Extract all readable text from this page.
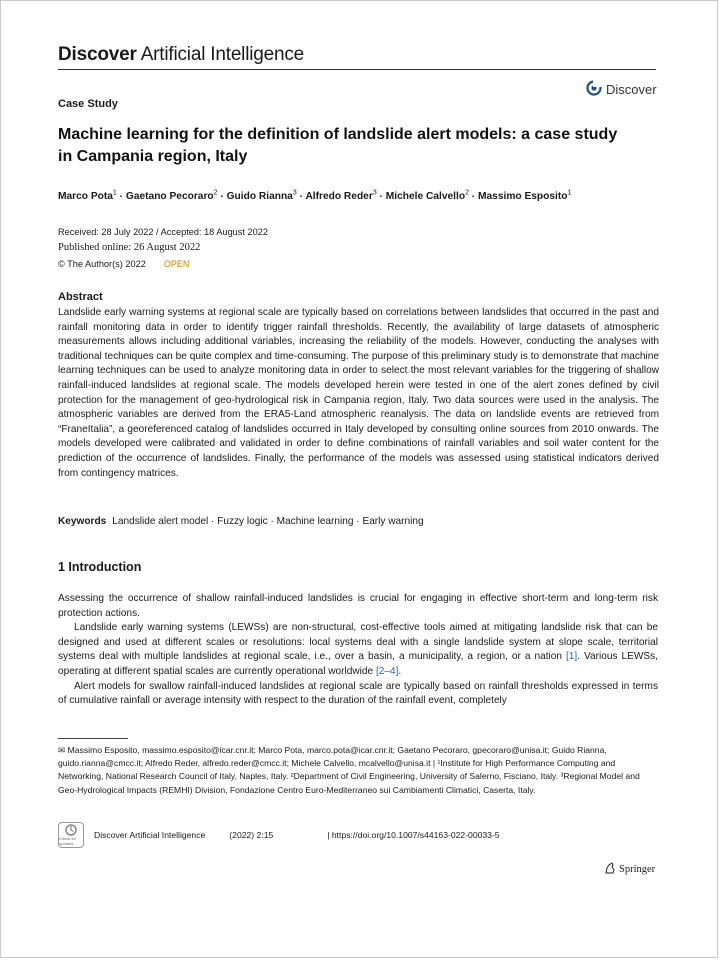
Discover Artificial Intelligence
Discover
Case Study
Machine learning for the definition of landslide alert models: a case study in Campania region, Italy
Marco Pota$^1$ · Gaetano Pecoraro$^2$ · Guido Rianna$^3$ · Alfredo Reder$^3$ · Michele Calvello$^2$ · Massimo Esposito$^1$
Received: 28 July 2022 / Accepted: 18 August 2022
Published online: 26 August 2022
© The Author(s) 2022 OPEN
Abstract
Landslide early warning systems at regional scale are typically based on correlations between landslides that occurred in the past and rainfall monitoring data in order to identify trigger rainfall thresholds. Recently, the availability of large datasets of atmospheric measurements allows including additional variables, increasing the reliability of the models. However, conducting the analyses with traditional techniques can be quite complex and time-consuming. The purpose of this preliminary study is to demonstrate that machine learning techniques can be used to analyze monitoring data in order to select the most relevant variables for the triggering of shallow rainfall-induced landslides at regional scale. The models developed herein were tested in one of the alert zones defined by civil protection for the management of geo-hydrological risk in Campania region, Italy. Two data sources were used in the analysis. The atmospheric variables are derived from the ERA5-Land atmospheric reanalysis. The data on landslide events are retrieved from “FraneItalia”, a georeferenced catalog of landslides occurred in Italy developed by consulting online sources from 2010 onwards. The models developed were calibrated and validated in order to define combinations of rainfall variables and soil water content for the prediction of the occurrence of landslides. Finally, the performance of the models was assessed using statistical indicators derived from contingency matrices.
Keywords Landslide alert model · Fuzzy logic · Machine learning · Early warning
1 Introduction

Assessing the occurrence of shallow rainfall-induced landslides is crucial for engaging in effective short-term and long-term risk protection actions.

Landslide early warning systems (LEWSs) are non-structural, cost-effective tools aimed at mitigating landslide risk that can be designed and used at different scales or resolutions: local systems deal with a single landslide system at slope scale, territorial systems deal with multiple landslides at regional scale, i.e., over a basin, a municipality, a region, or a nation [1]. Various LEWSs, operating at different spatial scales are currently operational worldwide [2–4].

Alert models for swallow rainfall-induced landslides at regional scale are typically based on rainfall thresholds expressed in terms of cumulative rainfall or average intensity with respect to the duration of the rainfall event, completely

✉ Massimo Esposito, massimo.esposito@icar.cnr.it; Marco Pota, marco.pota@icar.cnr.it; Gaetano Pecoraro, gpecoraro@unisa.it; Guido Rianna, guido.rianna@cmcc.it; Alfredo Reder, alfredo.reder@cmcc.it; Michele Calvello, mcalvello@unisa.it | ¹Institute for High Performance Computing and Networking, National Research Council of Italy, Naples, Italy. ²Department of Civil Engineering, University of Salerno, Fisciano, Italy. ³Regional Model and Geo-Hydrological Impacts (REMHI) Division, Fondazione Centro Euro-Mediterraneo sui Cambiamenti Climatici, Caserta, Italy.
Check for updates
Discover Artificial Intelligence	(2022) 2:15	| https://doi.org/10.1007/s44163-022-00033-5
Springer
